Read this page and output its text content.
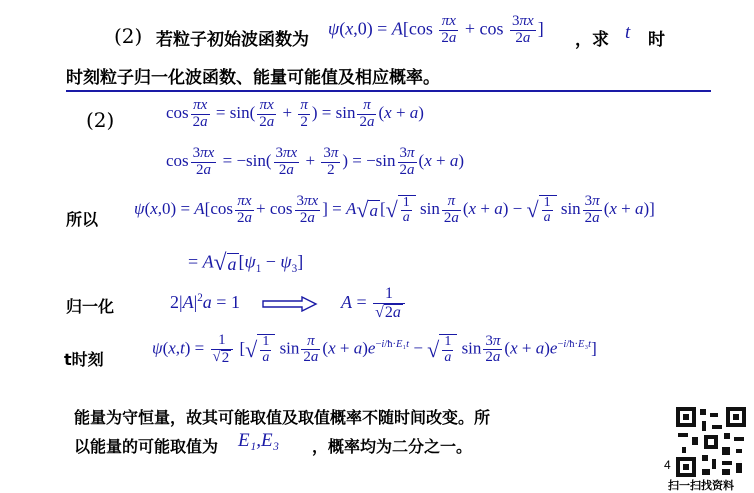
(2) 若粒子初始波函数为
$\psi(x,0) = A[\cos \frac{\pi x}{2a} + \cos \frac{3\pi x}{2a}$ ]
，求 t 时
时刻粒子归一化波函数、能量可能值及相应概率。
(2)	$\cos \frac{\pi x}{2a} = \sin( \frac{\pi x}{2a} + \frac{\pi}{2}$ ) = $\sin \frac{\pi}{2a} (x + a)$
$\cos \frac{3\pi x}{2a} = -\sin( \frac{3\pi x}{2a} + \frac{3\pi}{2}$ ) = $-\sin \frac{3\pi}{2a} (x + a)$
所以
$\psi(x,0) = A[\cos \frac{\pi x}{2a} + \cos \frac{3\pi x}{2a}$ ] = A√a [√ $\frac{1}{a}$ $\sin \frac{\pi}{2a} (x + a)$ − √ $\frac{1}{a}$ $\sin \frac{3\pi}{2a} (x + a)$]
= A√a $[\psi_1 - \psi_3]$
归一化	$2|A|^2a = 1$	$A = \frac{1}{√2a}$
t时刻
$\psi(x,t) = \frac{1}{√2}$ [√ $\frac{1}{a}$ $\sin \frac{\pi}{2a} (x + a)e^{-i/ħ\cdot E_1t}$ − √ $\frac{1}{a}$ $\sin \frac{3\pi}{2a} (x + a)e^{-i/ħ\cdot E_3t}$]
能量为守恒量，故其可能取值及取值概率不随时间改变。所
以能量的可能取值为 E₁,E₃ ，概率均为二分之一。
4
扫一扫找资料
